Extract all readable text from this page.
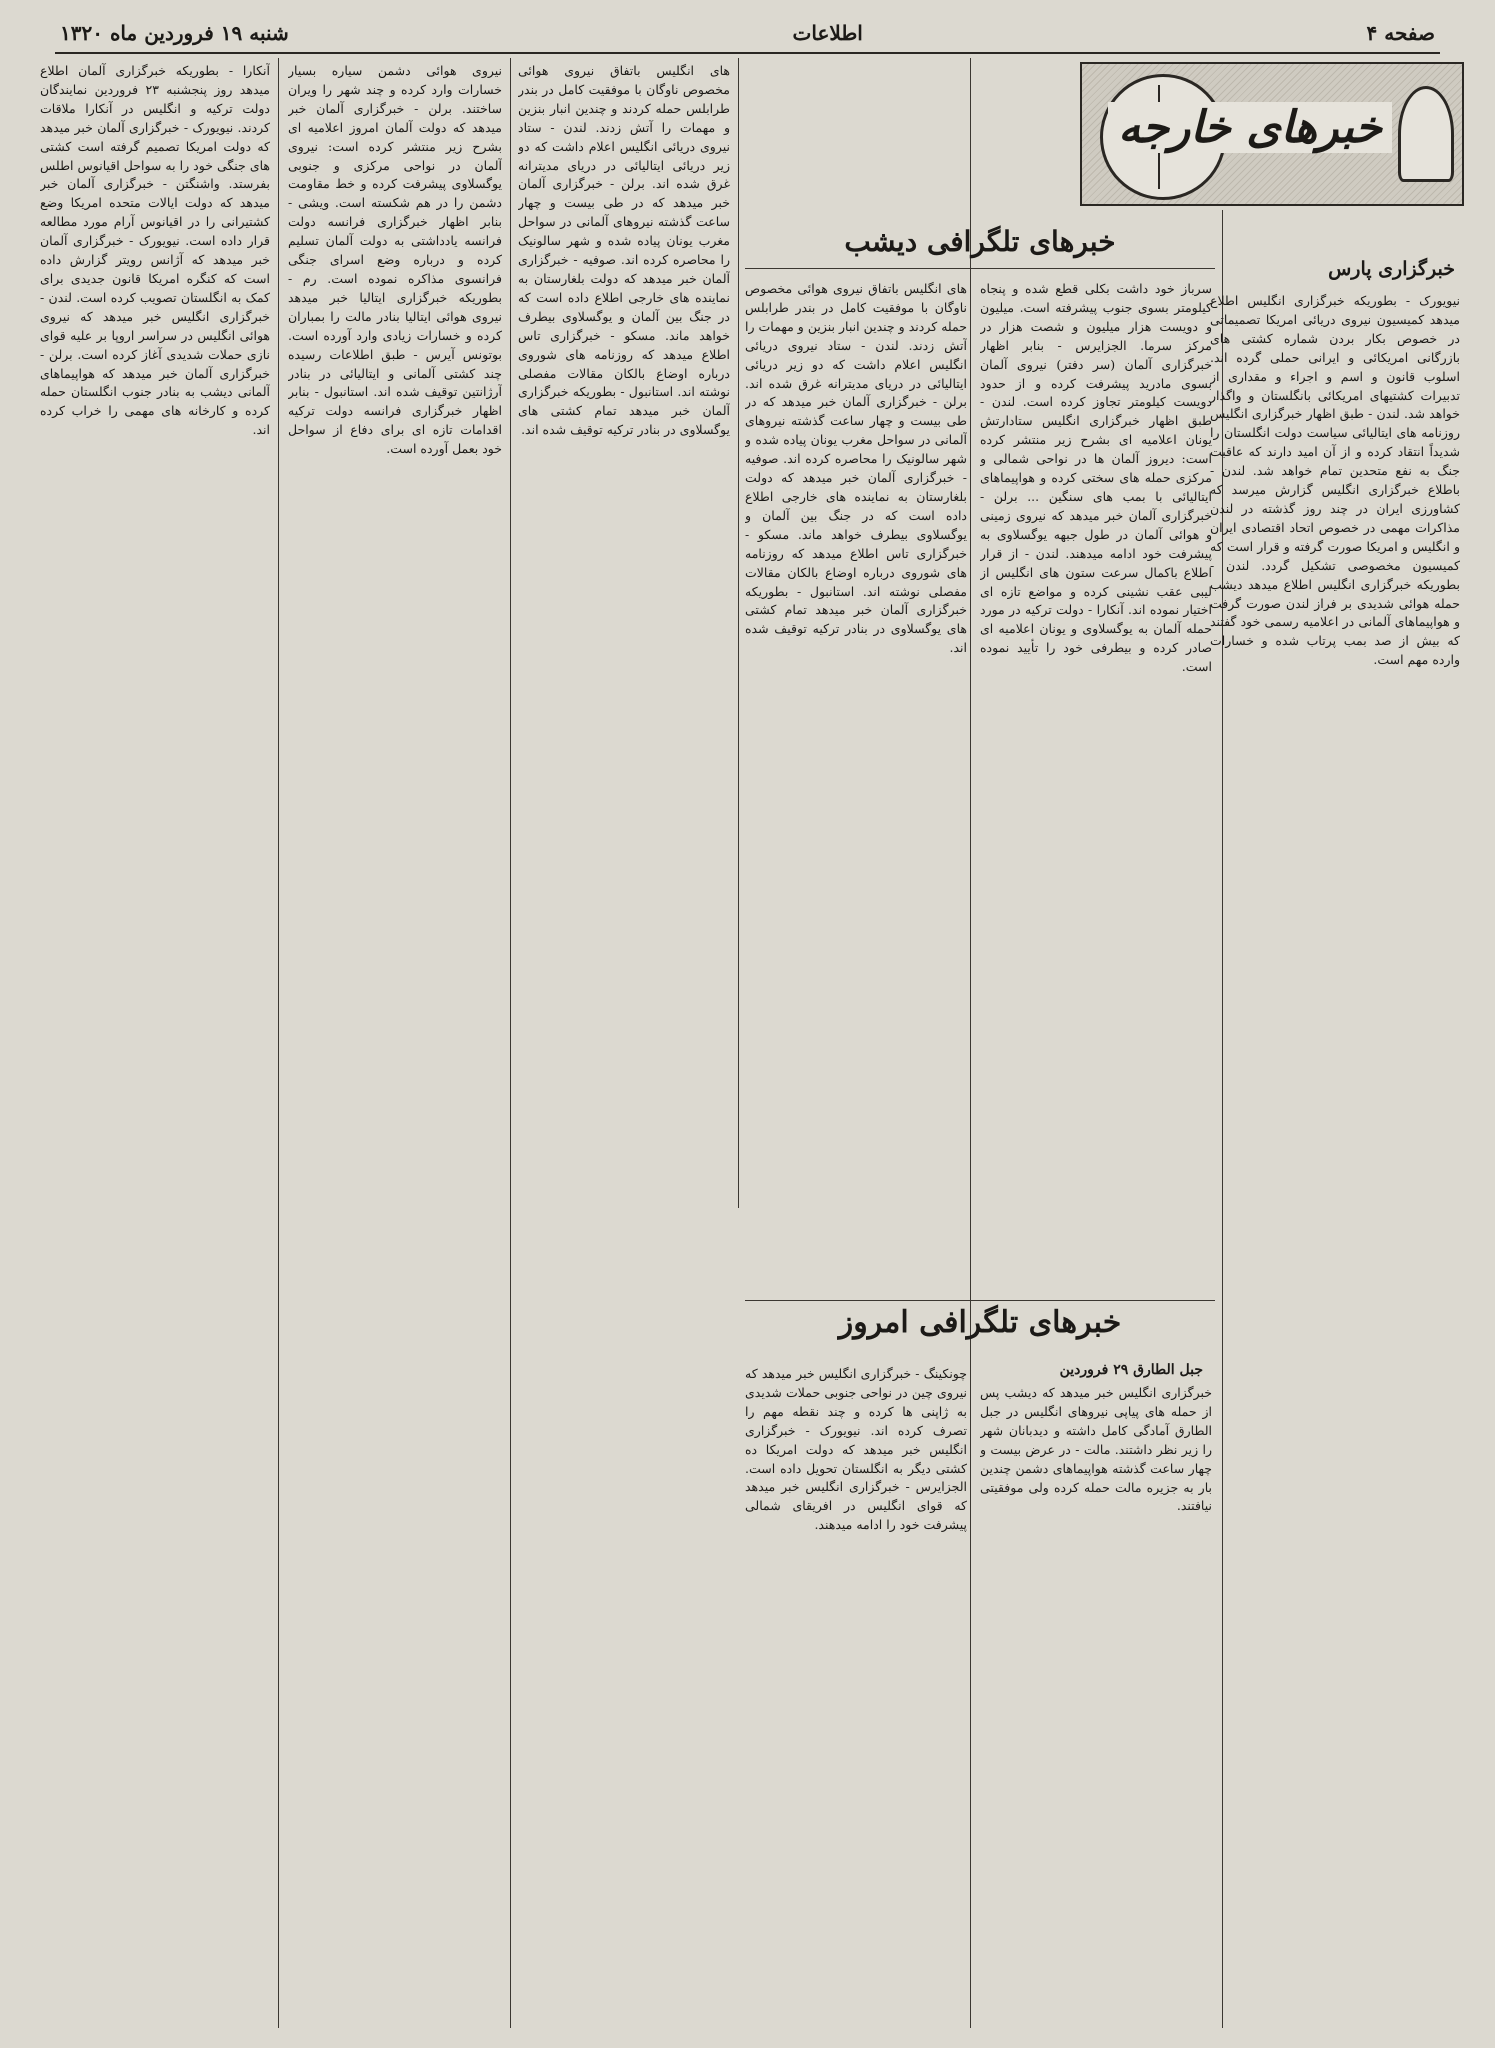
صفحه ۴
اطلاعات
شنبه ۱۹ فروردین ماه ۱۳۲۰
خبرهای خارجه
خبرگزاری پارس
نیویورک - بطوریکه خبرگزاری انگلیس اطلاع میدهد کمیسیون نیروی دریائی امریکا تصمیماتی در خصوص بکار بردن شماره کشتی های بازرگانی امریکائی و ایرانی حملی گرده اند. اسلوب قانون و اسم و اجراء و مقداری از تدبیرات کشتیهای امریکائی بانگلستان و واگذار خواهد شد. لندن - طبق اظهار خبرگزاری انگلیس روزنامه های ایتالیائی سیاست دولت انگلستان را شدیداً انتقاد کرده و از آن امید دارند که عاقبت جنگ به نفع متحدین تمام خواهد شد. لندن - باطلاع خبرگزاری انگلیس گزارش میرسد که کشاورزی ایران در چند روز گذشته در لندن مذاکرات مهمی در خصوص اتحاد اقتصادی ایران و انگلیس و امریکا صورت گرفته و قرار است که کمیسیون مخصوصی تشکیل گردد. لندن - بطوریکه خبرگزاری انگلیس اطلاع میدهد دیشب حمله هوائی شدیدی بر فراز لندن صورت گرفت و هواپیماهای آلمانی در اعلامیه رسمی خود گفتند که بیش از صد بمب پرتاب شده و خسارات وارده مهم است.
خبرهای تلگرافی دیشب
سرباز خود داشت بکلی قطع شده و پنجاه کیلومتر بسوی جنوب پیشرفته است. میلیون و دویست هزار میلیون و شصت هزار در مرکز سرما. الجزایرس - بنابر اظهار خبرگزاری آلمان (سر دفتر) نیروی آلمان بسوی مادرید پیشرفت کرده و از حدود دویست کیلومتر تجاوز کرده است. لندن - طبق اظهار خبرگزاری انگلیس ستادارتش یونان اعلامیه ای بشرح زیر منتشر کرده است: دیروز آلمان ها در نواحی شمالی و مرکزی حمله های سختی کرده و هواپیماهای ایتالیائی با بمب های سنگین ... برلن - خبرگزاری آلمان خبر میدهد که نیروی زمینی و هوائی آلمان در طول جبهه یوگسلاوی به پیشرفت خود ادامه میدهند. لندن - از قرار اطلاع باکمال سرعت ستون های انگلیس از لیبی عقب نشینی کرده و مواضع تازه ای اختیار نموده اند. آنکارا - دولت ترکیه در مورد حمله آلمان به یوگسلاوی و یونان اعلامیه ای صادر کرده و بیطرفی خود را تأیید نموده است.
های انگلیس باتفاق نیروی هوائی مخصوص ناوگان با موفقیت کامل در بندر طرابلس حمله کردند و چندین انبار بنزین و مهمات را آتش زدند. لندن - ستاد نیروی دریائی انگلیس اعلام داشت که دو زیر دریائی ایتالیائی در دریای مدیترانه غرق شده اند. برلن - خبرگزاری آلمان خبر میدهد که در طی بیست و چهار ساعت گذشته نیروهای آلمانی در سواحل مغرب یونان پیاده شده و شهر سالونیک را محاصره کرده اند. صوفیه - خبرگزاری آلمان خبر میدهد که دولت بلغارستان به نماینده های خارجی اطلاع داده است که در جنگ بین آلمان و یوگسلاوی بیطرف خواهد ماند. مسکو - خبرگزاری تاس اطلاع میدهد که روزنامه های شوروی درباره اوضاع بالکان مقالات مفصلی نوشته اند. استانبول - بطوریکه خبرگزاری آلمان خبر میدهد تمام کشتی های یوگسلاوی در بنادر ترکیه توقیف شده اند.
خبرهای تلگرافی امروز
جبل الطارق ۲۹ فروردین
خبرگزاری انگلیس خبر میدهد که دیشب پس از حمله های پیاپی نیروهای انگلیس در جبل الطارق آمادگی کامل داشته و دیدبانان شهر را زیر نظر داشتند. مالت - در عرض بیست و چهار ساعت گذشته هواپیماهای دشمن چندین بار به جزیره مالت حمله کرده ولی موفقیتی نیافتند.
چونکینگ - خبرگزاری انگلیس خبر میدهد که نیروی چین در نواحی جنوبی حملات شدیدی به ژاپنی ها کرده و چند نقطه مهم را تصرف کرده اند. نیویورک - خبرگزاری انگلیس خبر میدهد که دولت امریکا ده کشتی دیگر به انگلستان تحویل داده است. الجزایرس - خبرگزاری انگلیس خبر میدهد که قوای انگلیس در افریقای شمالی پیشرفت خود را ادامه میدهند.
های انگلیس باتفاق نیروی هوائی مخصوص ناوگان با موفقیت کامل در بندر طرابلس حمله کردند و چندین انبار بنزین و مهمات را آتش زدند. لندن - ستاد نیروی دریائی انگلیس اعلام داشت که دو زیر دریائی ایتالیائی در دریای مدیترانه غرق شده اند. برلن - خبرگزاری آلمان خبر میدهد که در طی بیست و چهار ساعت گذشته نیروهای آلمانی در سواحل مغرب یونان پیاده شده و شهر سالونیک را محاصره کرده اند. صوفیه - خبرگزاری آلمان خبر میدهد که دولت بلغارستان به نماینده های خارجی اطلاع داده است که در جنگ بین آلمان و یوگسلاوی بیطرف خواهد ماند. مسکو - خبرگزاری تاس اطلاع میدهد که روزنامه های شوروی درباره اوضاع بالکان مقالات مفصلی نوشته اند. استانبول - بطوریکه خبرگزاری آلمان خبر میدهد تمام کشتی های یوگسلاوی در بنادر ترکیه توقیف شده اند.
نیروی هوائی دشمن سیاره بسیار خسارات وارد کرده و چند شهر را ویران ساختند. برلن - خبرگزاری آلمان خبر میدهد که دولت آلمان امروز اعلامیه ای بشرح زیر منتشر کرده است: نیروی آلمان در نواحی مرکزی و جنوبی یوگسلاوی پیشرفت کرده و خط مقاومت دشمن را در هم شکسته است. ویشی - بنابر اظهار خبرگزاری فرانسه دولت فرانسه یادداشتی به دولت آلمان تسلیم کرده و درباره وضع اسرای جنگی فرانسوی مذاکره نموده است. رم - بطوریکه خبرگزاری ایتالیا خبر میدهد نیروی هوائی ایتالیا بنادر مالت را بمباران کرده و خسارات زیادی وارد آورده است. بوتونس آیرس - طبق اطلاعات رسیده چند کشتی آلمانی و ایتالیائی در بنادر آرژانتین توقیف شده اند. استانبول - بنابر اظهار خبرگزاری فرانسه دولت ترکیه اقدامات تازه ای برای دفاع از سواحل خود بعمل آورده است.
آنکارا - بطوریکه خبرگزاری آلمان اطلاع میدهد روز پنجشنبه ۲۳ فروردین نمایندگان دولت ترکیه و انگلیس در آنکارا ملاقات کردند. نیویورک - خبرگزاری آلمان خبر میدهد که دولت امریکا تصمیم گرفته است کشتی های جنگی خود را به سواحل اقیانوس اطلس بفرستد. واشنگتن - خبرگزاری آلمان خبر میدهد که دولت ایالات متحده امریکا وضع کشتیرانی را در اقیانوس آرام مورد مطالعه قرار داده است. نیویورک - خبرگزاری آلمان خبر میدهد که آژانس رویتر گزارش داده است که کنگره امریکا قانون جدیدی برای کمک به انگلستان تصویب کرده است. لندن - خبرگزاری انگلیس خبر میدهد که نیروی هوائی انگلیس در سراسر اروپا بر علیه قوای نازی حملات شدیدی آغاز کرده است. برلن - خبرگزاری آلمان خبر میدهد که هواپیماهای آلمانی دیشب به بنادر جنوب انگلستان حمله کرده و کارخانه های مهمی را خراب کرده اند.
